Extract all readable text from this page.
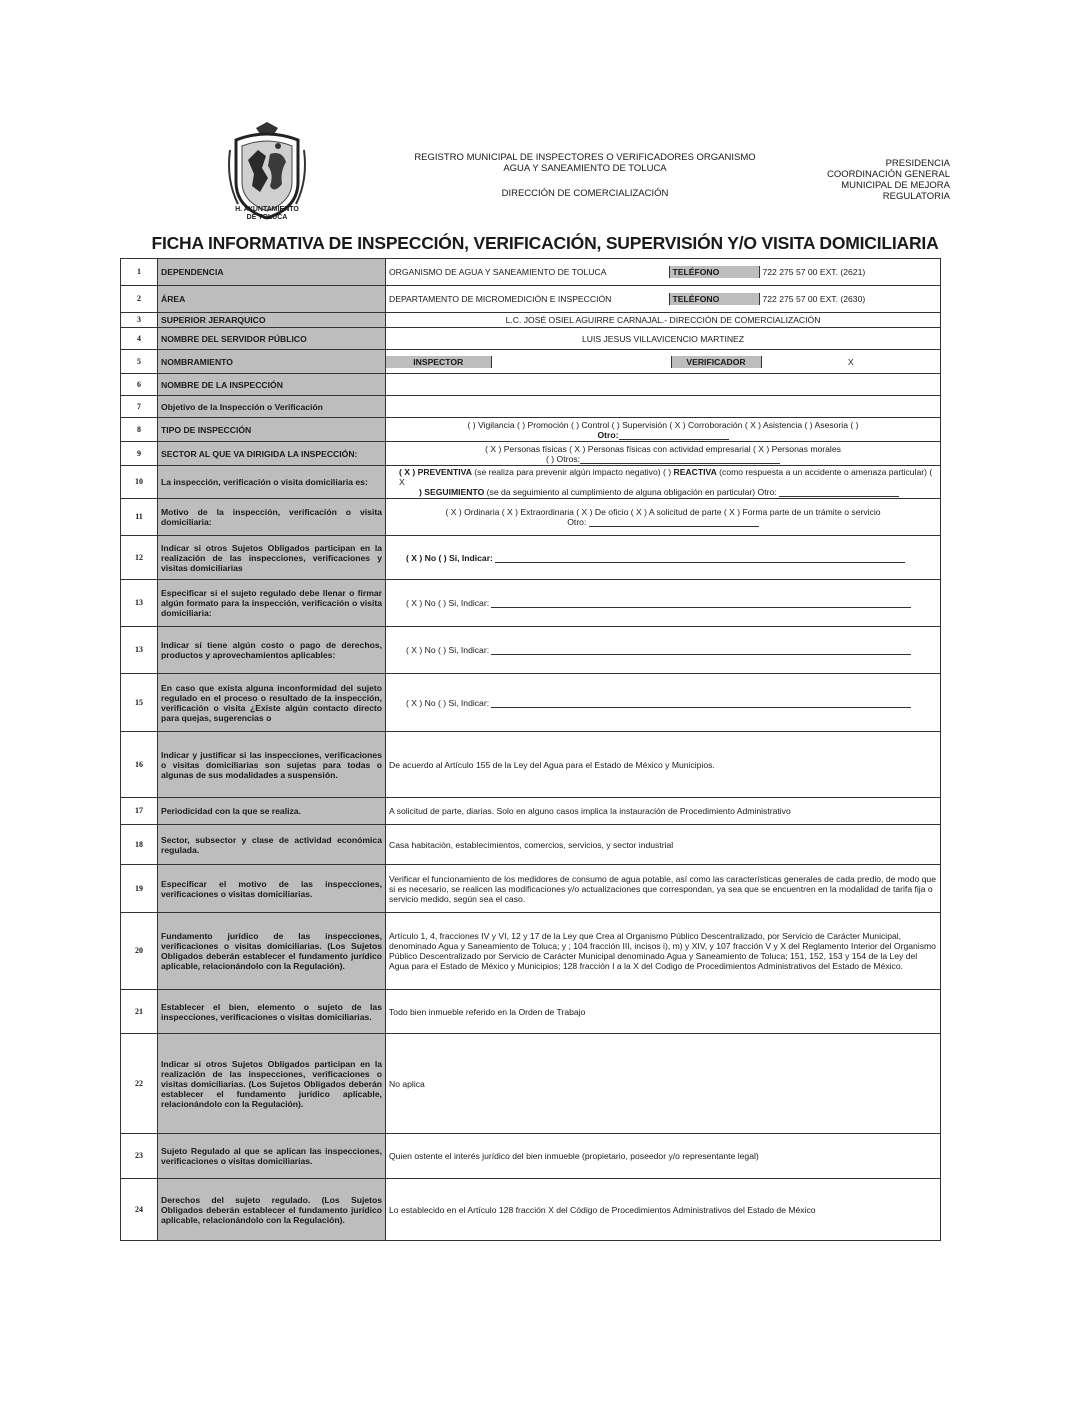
H. AYUNTAMIENTO
DE TOLUCA
REGISTRO MUNICIPAL DE INSPECTORES O VERIFICADORES ORGANISMO
AGUA Y SANEAMIENTO DE TOLUCA
DIRECCIÓN DE COMERCIALIZACIÓN
PRESIDENCIA
COORDINACIÓN GENERAL
MUNICIPAL DE MEJORA
REGULATORIA
FICHA INFORMATIVA DE INSPECCIÓN, VERIFICACIÓN, SUPERVISIÓN Y/O VISITA DOMICILIARIA
1	DEPENDENCIA		ORGANISMO DE AGUA Y SANEAMIENTO DE TOLUCA	TELÉFONO	722 275 57 00 EXT. (2621)

2	ÁREA		DEPARTAMENTO DE MICROMEDICIÓN E INSPECCIÓN	TELÉFONO	722 275 57 00 EXT. (2630)

3	SUPERIOR JERARQUICO	L.C. JOSÉ OSIEL AGUIRRE CARNAJAL.- DIRECCIÓN DE COMERCIALIZACIÓN
4	NOMBRE DEL SERVIDOR PÚBLICO	LUIS JESUS VILLAVICENCIO MARTINEZ
5	NOMBRAMIENTO		INSPECTOR		VERIFICADOR	X

6	NOMBRE DE LA INSPECCIÓN	
7	Objetivo de la Inspección o Verificación	
8	TIPO DE INSPECCIÓN	( ) Vigilancia ( ) Promoción ( ) Control ( ) Supervisión ( X ) Corroboración ( X ) Asistencia ( ) Asesoria ( )
Otro:

9	SECTOR AL QUE VA DIRIGIDA LA INSPECCIÓN:	( X ) Personas físicas ( X ) Personas físicas con actividad empresarial ( X ) Personas morales
( ) Otros:

10	La inspección, verificación o visita domiciliaria es:	
( X ) PREVENTIVA (se realiza para prevenir algún impacto negativo) ( ) REACTIVA (como respuesta a un accidente o amenaza particular) ( X
) SEGUIMIENTO (se da seguimiento al cumplimiento de alguna obligación en particular) Otro:

11	Motivo de la inspección, verificación o visita domiciliaria:	
( X ) Ordinaria ( X ) Extraordinaria ( X ) De oficio ( X ) A solicitud de parte ( X ) Forma parte de un trámite o servicio
Otro:

12	Indicar si otros Sujetos Obligados participan en la realización de las inspecciones, verificaciones y visitas domiciliarias	( X ) No ( ) Si, Indicar:
13	Especificar si el sujeto regulado debe llenar o firmar algún formato para la inspección, verificación o visita domiciliaria:	( X ) No ( ) Si, Indicar:
13	Indicar sí tiene algún costo o pago de derechos, productos y aprovechamientos aplicables:	( X ) No ( ) Si, Indicar:
15	En caso que exista alguna inconformidad del sujeto regulado en el proceso o resultado de la inspección, verificación o visita ¿Existe algún contacto directo para quejas, sugerencias o	( X ) No ( ) Si, Indicar:
16	Indicar y justificar si las inspecciones, verificaciones o visitas domiciliarias son sujetas para todas o algunas de sus modalidades a suspensión.	De acuerdo al Artículo 155 de la Ley del Agua para el Estado de México y Municipios.
17	Periodicidad con la que se realiza.	A solicitud de parte, diarias. Solo en alguno casos implica la instauración de Procedimiento Administrativo
18	Sector, subsector y clase de actividad económica regulada.	Casa habitación, establecimientos, comercios, servicios, y sector industrial
19	Especificar el motivo de las inspecciones, verificaciones o visitas domiciliarias.	Verificar el funcionamiento de los medidores de consumo de agua potable, así como las características generales de cada predio, de modo que si es necesario, se realicen las modificaciones y/o actualizaciones que correspondan, ya sea que se encuentren en la modalidad de tarifa fija o servicio medido, según sea el caso.
20	Fundamento jurídico de las inspecciones, verificaciones o visitas domiciliarias. (Los Sujetos Obligados deberán establecer el fundamento jurídico aplicable, relacionándolo con la Regulación).	Artículo 1, 4, fracciones IV y VI, 12 y 17 de la Ley que Crea al Organismo Público Descentralizado, por Servicio de Carácter Municipal, denominado Agua y Saneamiento de Toluca; y ; 104 fracción III, incisos i), m) y XIV, y 107 fracción V y X del Reglamento Interior del Organismo Público Descentralizado por Servicio de Carácter Municipal denominado Agua y Saneamiento de Toluca; 151, 152, 153 y 154 de la Ley del Agua para el Estado de México y Municipios; 128 fracción I a la X del Codigo de Procedimientos Administrativos del Estado de México.
21	Establecer el bien, elemento o sujeto de las inspecciones, verificaciones o visitas domiciliarias.	Todo bien inmueble referido en la Orden de Trabajo
22	Indicar si otros Sujetos Obligados participan en la realización de las inspecciones, verificaciones o visitas domiciliarias. (Los Sujetos Obligados deberán establecer el fundamento jurídico aplicable, relacionándolo con la Regulación).	No aplica
23	Sujeto Regulado al que se aplican las inspecciones, verificaciones o visitas domiciliarias.	Quien ostente el interés jurídico del bien inmueble (propietario, poseedor y/o representante legal)
24	Derechos del sujeto regulado. (Los Sujetos Obligados deberán establecer el fundamento jurídico aplicable, relacionándolo con la Regulación).	Lo establecido en el Artículo 128 fracción X del Código de Procedimientos Administrativos del Estado de México
